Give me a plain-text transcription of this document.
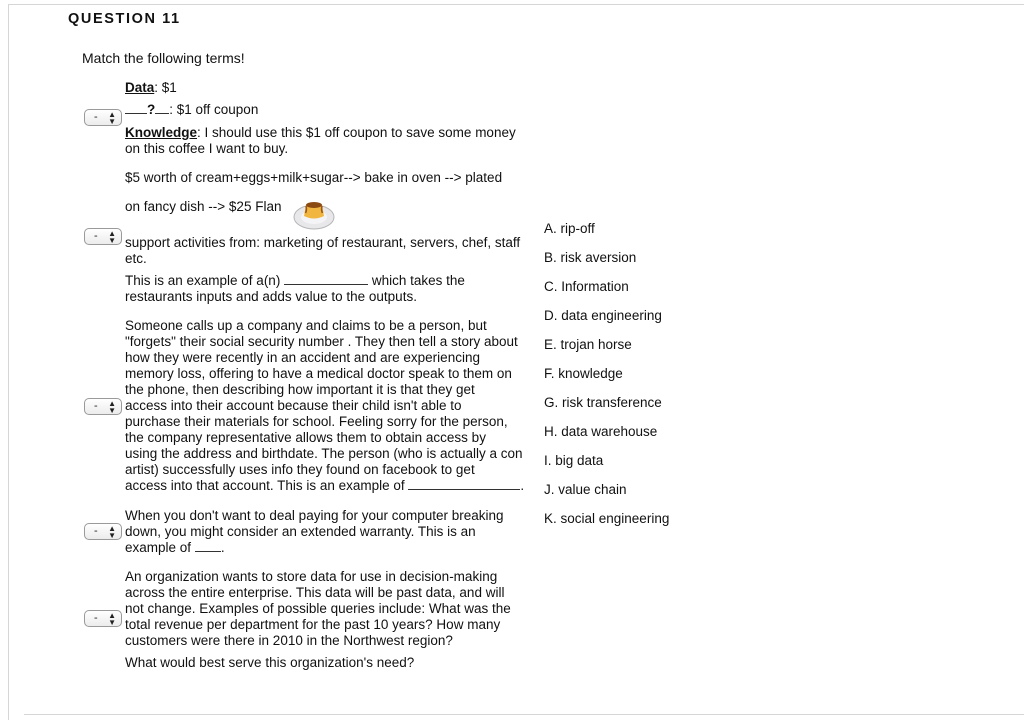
QUESTION 11
Match the following terms!
Data: $1
- ▲
▼
? : $1 off coupon
Knowledge: I should use this $1 off coupon to save some money
on this coffee I want to buy.
$5 worth of cream+eggs+milk+sugar--> bake in oven --> plated
on fancy dish --> $25 Flan
- ▲
▼ support activities from: marketing of restaurant, servers, chef, staff
etc.
This is an example of a(n)	which takes the
restaurants inputs and adds value to the outputs.
Someone calls up a company and claims to be a person, but
"forgets" their social security number . They then tell a story about
how they were recently in an accident and are experiencing
memory loss, offering to have a medical doctor speak to them on
the phone, then describing how important it is that they get
- ▲
▼ access into their account because their child isn't able to
purchase their materials for school. Feeling sorry for the person,
the company representative allows them to obtain access by
using the address and birthdate. The person (who is actually a con
artist) successfully uses info they found on facebook to get
access into that account. This is an example of	.
When you don't want to deal paying for your computer breaking
- ▲
▼ down, you might consider an extended warranty. This is an
example of .
An organization wants to store data for use in decision-making
across the entire enterprise. This data will be past data, and will
not change. Examples of possible queries include: What was the
- ▲
▼ total revenue per department for the past 10 years? How many
customers were there in 2010 in the Northwest region?
What would best serve this organization's need?
A. rip-off
B. risk aversion
C. Information
D. data engineering
E. trojan horse
F. knowledge
G. risk transference
H. data warehouse
I. big data
J. value chain
K. social engineering
